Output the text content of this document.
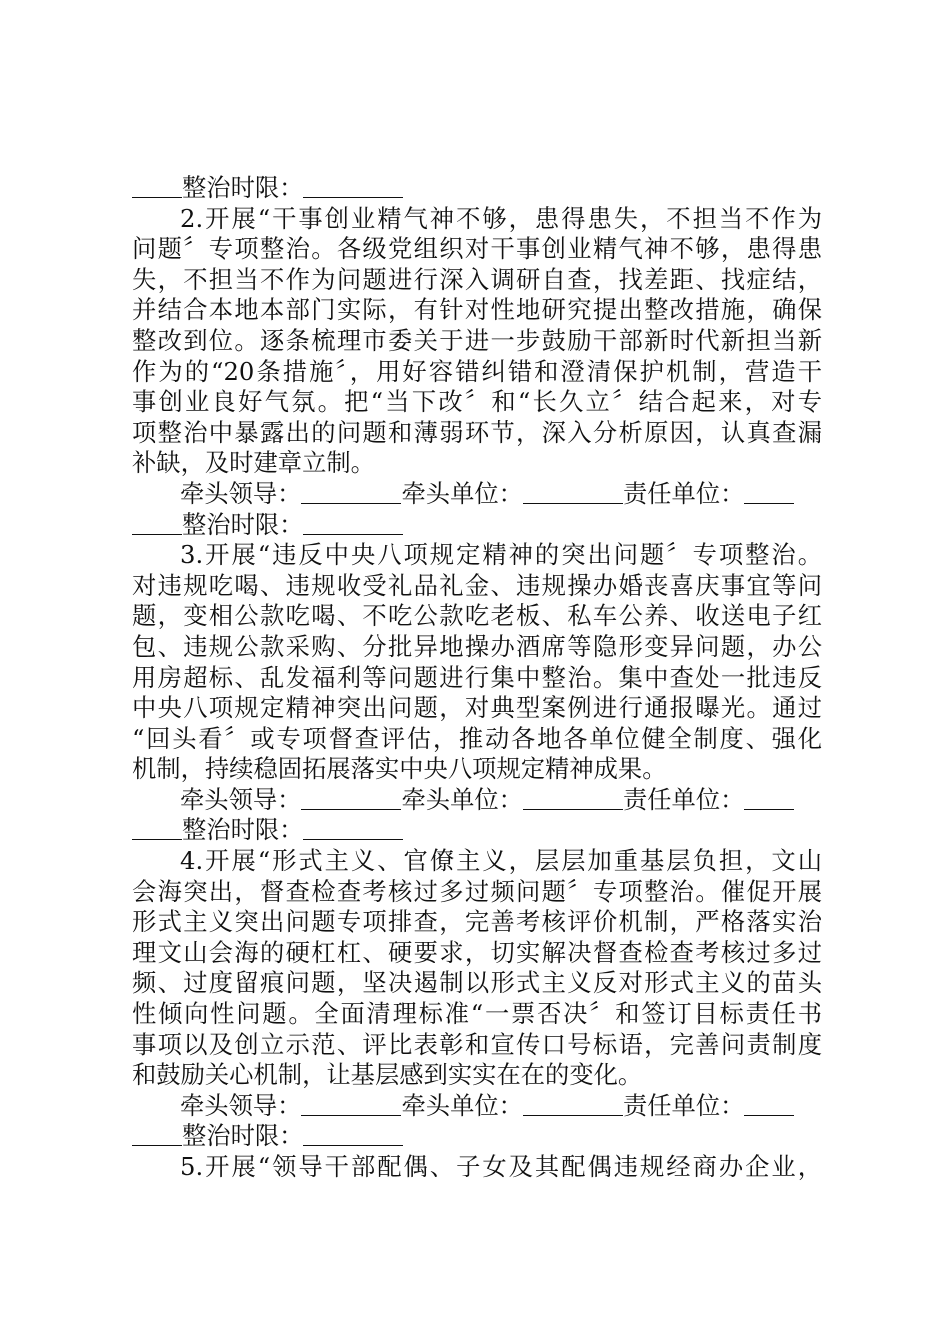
整治时限：
2.开展“干事创业精气神不够，患得患失，不担当不作为
问题〞专项整治。各级党组织对干事创业精气神不够，患得患
失，不担当不作为问题进行深入调研自查，找差距、找症结，
并结合本地本部门实际，有针对性地研究提出整改措施，确保
整改到位。逐条梳理市委关于进一步鼓励干部新时代新担当新
作为的“20条措施〞，用好容错纠错和澄清保护机制，营造干
事创业良好气氛。把“当下改〞和“长久立〞结合起来，对专
项整治中暴露出的问题和薄弱环节，深入分析原因，认真查漏
补缺，及时建章立制。
牵头领导：	牵头单位：	责任单位：
整治时限：
3.开展“违反中央八项规定精神的突出问题〞专项整治。
对违规吃喝、违规收受礼品礼金、违规操办婚丧喜庆事宜等问
题，变相公款吃喝、不吃公款吃老板、私车公养、收送电子红
包、违规公款采购、分批异地操办酒席等隐形变异问题，办公
用房超标、乱发福利等问题进行集中整治。集中查处一批违反
中央八项规定精神突出问题，对典型案例进行通报曝光。通过
“回头看〞或专项督查评估，推动各地各单位健全制度、强化
机制，持续稳固拓展落实中央八项规定精神成果。
牵头领导：	牵头单位：	责任单位：
整治时限：
4.开展“形式主义、官僚主义，层层加重基层负担，文山
会海突出，督查检查考核过多过频问题〞专项整治。催促开展
形式主义突出问题专项排查，完善考核评价机制，严格落实治
理文山会海的硬杠杠、硬要求，切实解决督查检查考核过多过
频、过度留痕问题，坚决遏制以形式主义反对形式主义的苗头
性倾向性问题。全面清理标准“一票否决〞和签订目标责任书
事项以及创立示范、评比表彰和宣传口号标语，完善问责制度
和鼓励关心机制，让基层感到实实在在的变化。
牵头领导：	牵头单位：	责任单位：
整治时限：
5.开展“领导干部配偶、子女及其配偶违规经商办企业，
